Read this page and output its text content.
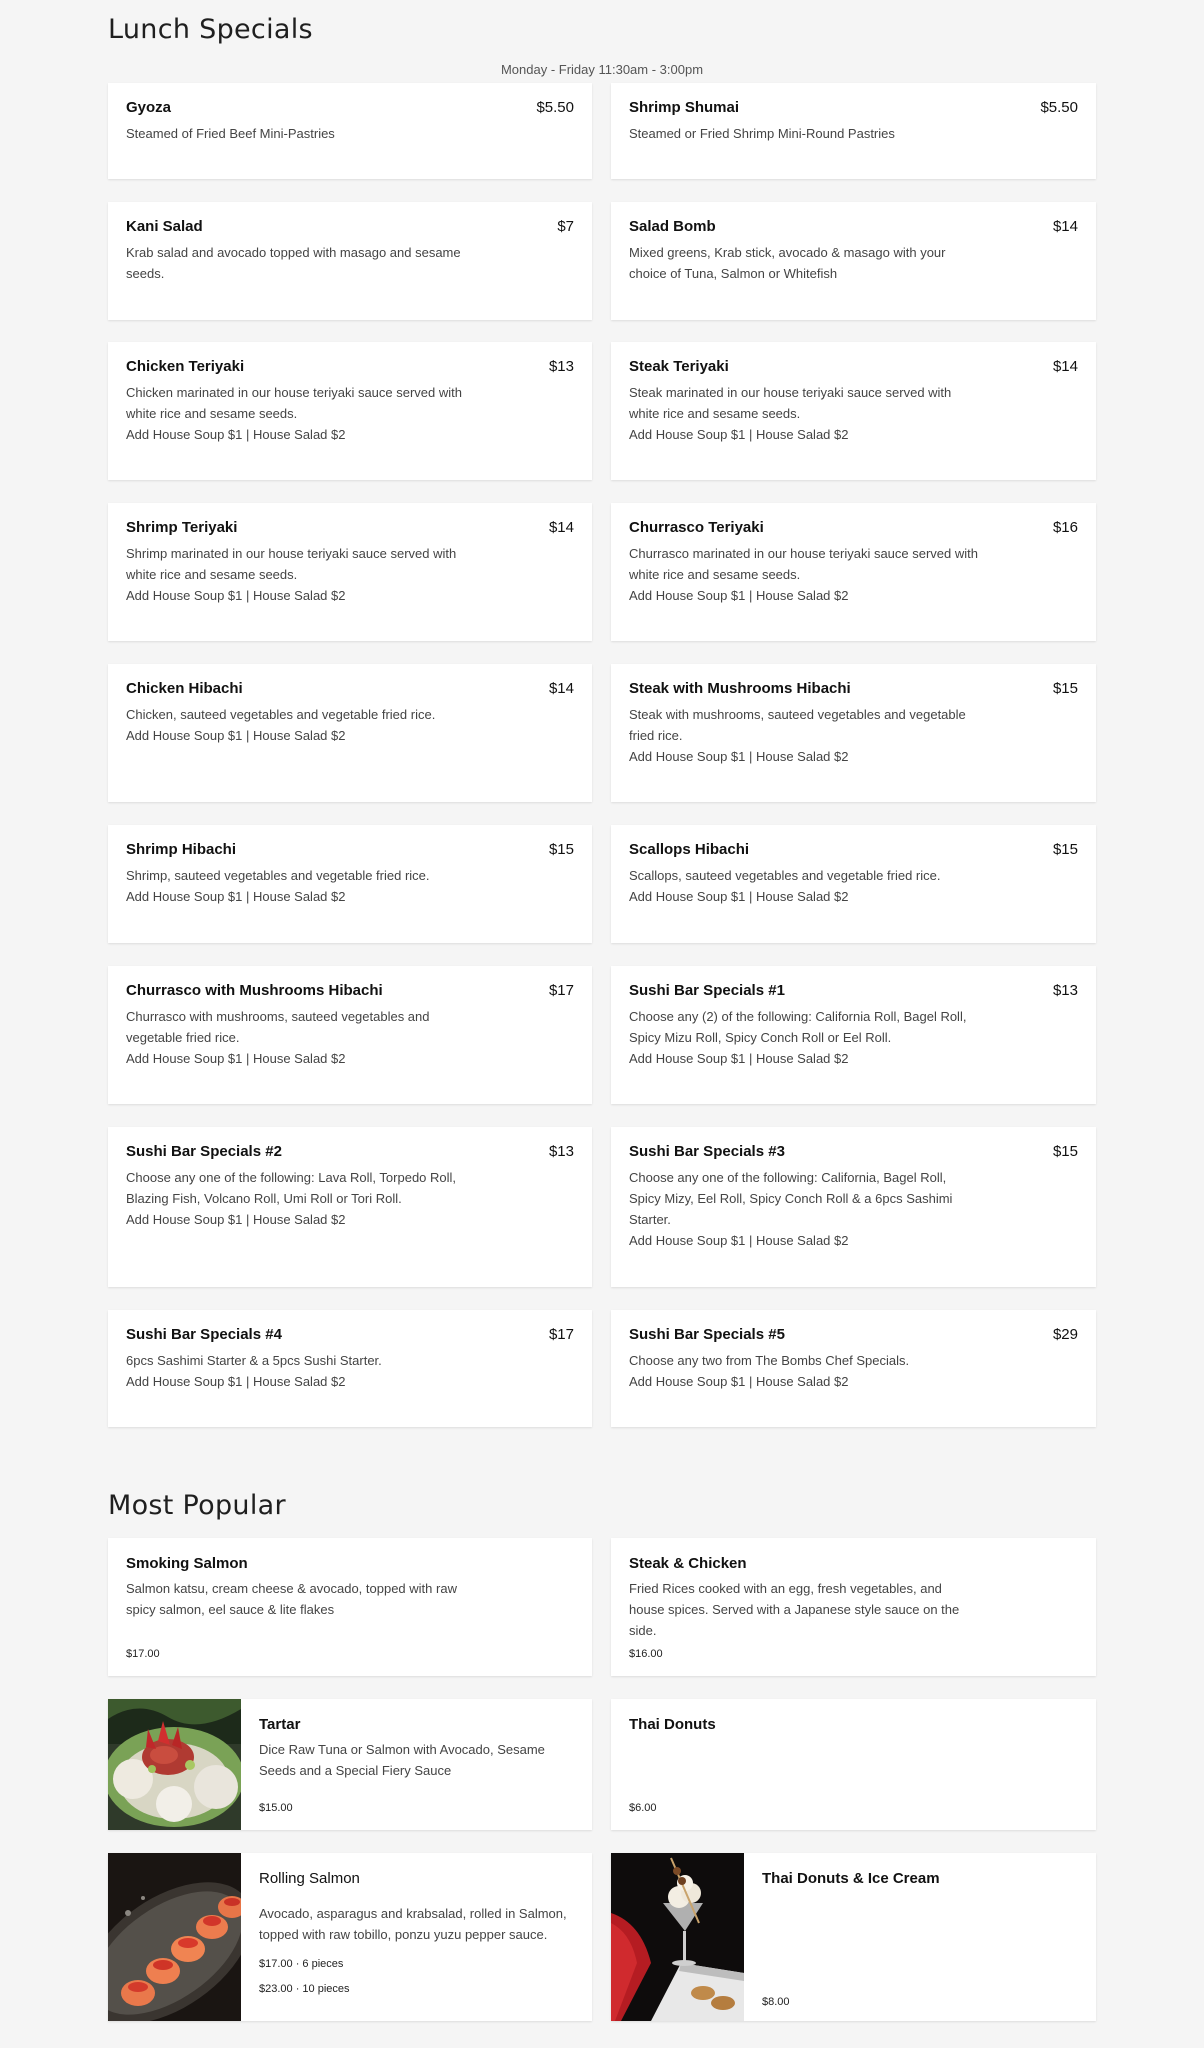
Lunch Specials
Monday - Friday 11:30am - 3:00pm
Gyoza	$5.50
Steamed of Fried Beef Mini-Pastries
Shrimp Shumai	$5.50
Steamed or Fried Shrimp Mini-Round Pastries
Kani Salad	$7
Krab salad and avocado topped with masago and sesame seeds.
Salad Bomb	$14
Mixed greens, Krab stick, avocado & masago with your choice of Tuna, Salmon or Whitefish
Chicken Teriyaki	$13
Chicken marinated in our house teriyaki sauce served with white rice and sesame seeds.
Add House Soup $1 | House Salad $2
Steak Teriyaki	$14
Steak marinated in our house teriyaki sauce served with white rice and sesame seeds.
Add House Soup $1 | House Salad $2
Shrimp Teriyaki	$14
Shrimp marinated in our house teriyaki sauce served with white rice and sesame seeds.
Add House Soup $1 | House Salad $2
Churrasco Teriyaki	$16
Churrasco marinated in our house teriyaki sauce served with white rice and sesame seeds.
Add House Soup $1 | House Salad $2
Chicken Hibachi	$14
Chicken, sauteed vegetables and vegetable fried rice.
Add House Soup $1 | House Salad $2
Steak with Mushrooms Hibachi	$15
Steak with mushrooms, sauteed vegetables and vegetable fried rice.
Add House Soup $1 | House Salad $2
Shrimp Hibachi	$15
Shrimp, sauteed vegetables and vegetable fried rice.
Add House Soup $1 | House Salad $2
Scallops Hibachi	$15
Scallops, sauteed vegetables and vegetable fried rice.
Add House Soup $1 | House Salad $2
Churrasco with Mushrooms Hibachi	$17
Churrasco with mushrooms, sauteed vegetables and vegetable fried rice.
Add House Soup $1 | House Salad $2
Sushi Bar Specials #1	$13
Choose any (2) of the following: California Roll, Bagel Roll, Spicy Mizu Roll, Spicy Conch Roll or Eel Roll.
Add House Soup $1 | House Salad $2
Sushi Bar Specials #2	$13
Choose any one of the following: Lava Roll, Torpedo Roll, Blazing Fish, Volcano Roll, Umi Roll or Tori Roll.
Add House Soup $1 | House Salad $2
Sushi Bar Specials #3	$15
Choose any one of the following: California, Bagel Roll, Spicy Mizy, Eel Roll, Spicy Conch Roll & a 6pcs Sashimi Starter.
Add House Soup $1 | House Salad $2
Sushi Bar Specials #4	$17
6pcs Sashimi Starter & a 5pcs Sushi Starter.
Add House Soup $1 | House Salad $2
Sushi Bar Specials #5	$29
Choose any two from The Bombs Chef Specials.
Add House Soup $1 | House Salad $2
Most Popular
Smoking Salmon
Salmon katsu, cream cheese & avocado, topped with raw spicy salmon, eel sauce & lite flakes
$17.00
Steak & Chicken
Fried Rices cooked with an egg, fresh vegetables, and house spices. Served with a Japanese style sauce on the side.
$16.00
Tartar
Dice Raw Tuna or Salmon with Avocado, Sesame Seeds and a Special Fiery Sauce
$15.00
Thai Donuts
$6.00
Rolling Salmon
Avocado, asparagus and krabsalad, rolled in Salmon, topped with raw tobillo, ponzu yuzu pepper sauce.
$17.00 · 6 pieces
$23.00 · 10 pieces
Thai Donuts & Ice Cream
$8.00
